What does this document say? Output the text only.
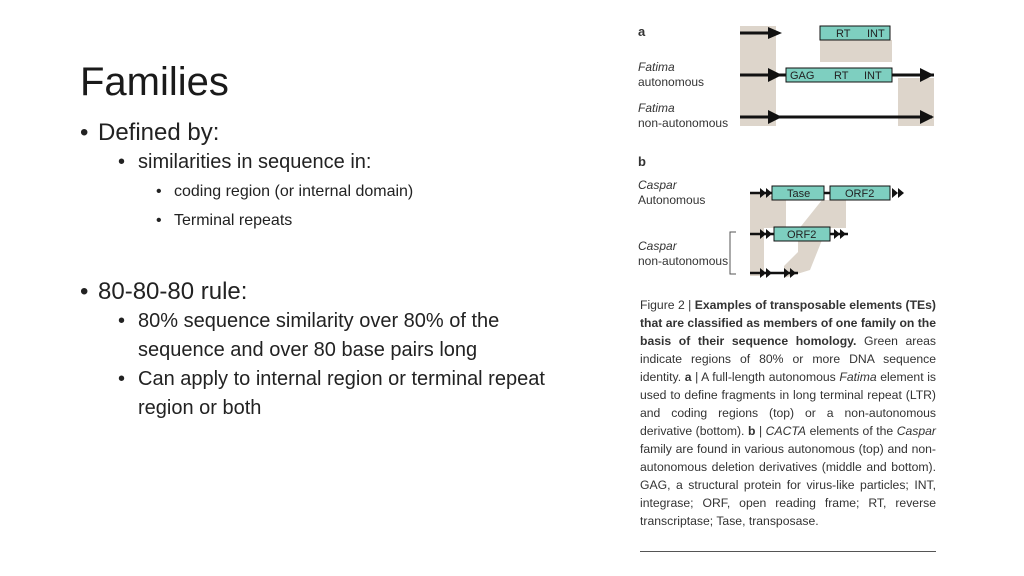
Families

• Defined by:

• similarities in sequence in:

• coding region (or internal domain)

• Terminal repeats

• 80-80-80 rule:

• 80% sequence similarity over 80% of the sequence and over 80 base pairs long

• Can apply to internal region or terminal repeat region or both

a
b
Fatima
autonomous
Fatima
non-autonomous
Caspar
Autonomous
Caspar
non-autonomous
RT INT
GAG RT INT
Tase	ORF2
ORF2
Figure 2 | Examples of transposable elements (TEs) that are classified as members of one family on the basis of their sequence homology. Green areas indicate regions of 80% or more DNA sequence identity. a | A full-length autonomous Fatima element is used to define fragments in long terminal repeat (LTR) and coding regions (top) or a non-autonomous derivative (bottom). b | CACTA elements of the Caspar family are found in various autonomous (top) and non-autonomous deletion derivatives (middle and bottom). GAG, a structural protein for virus-like particles; INT, integrase; ORF, open reading frame; RT, reverse transcriptase; Tase, transposase.
